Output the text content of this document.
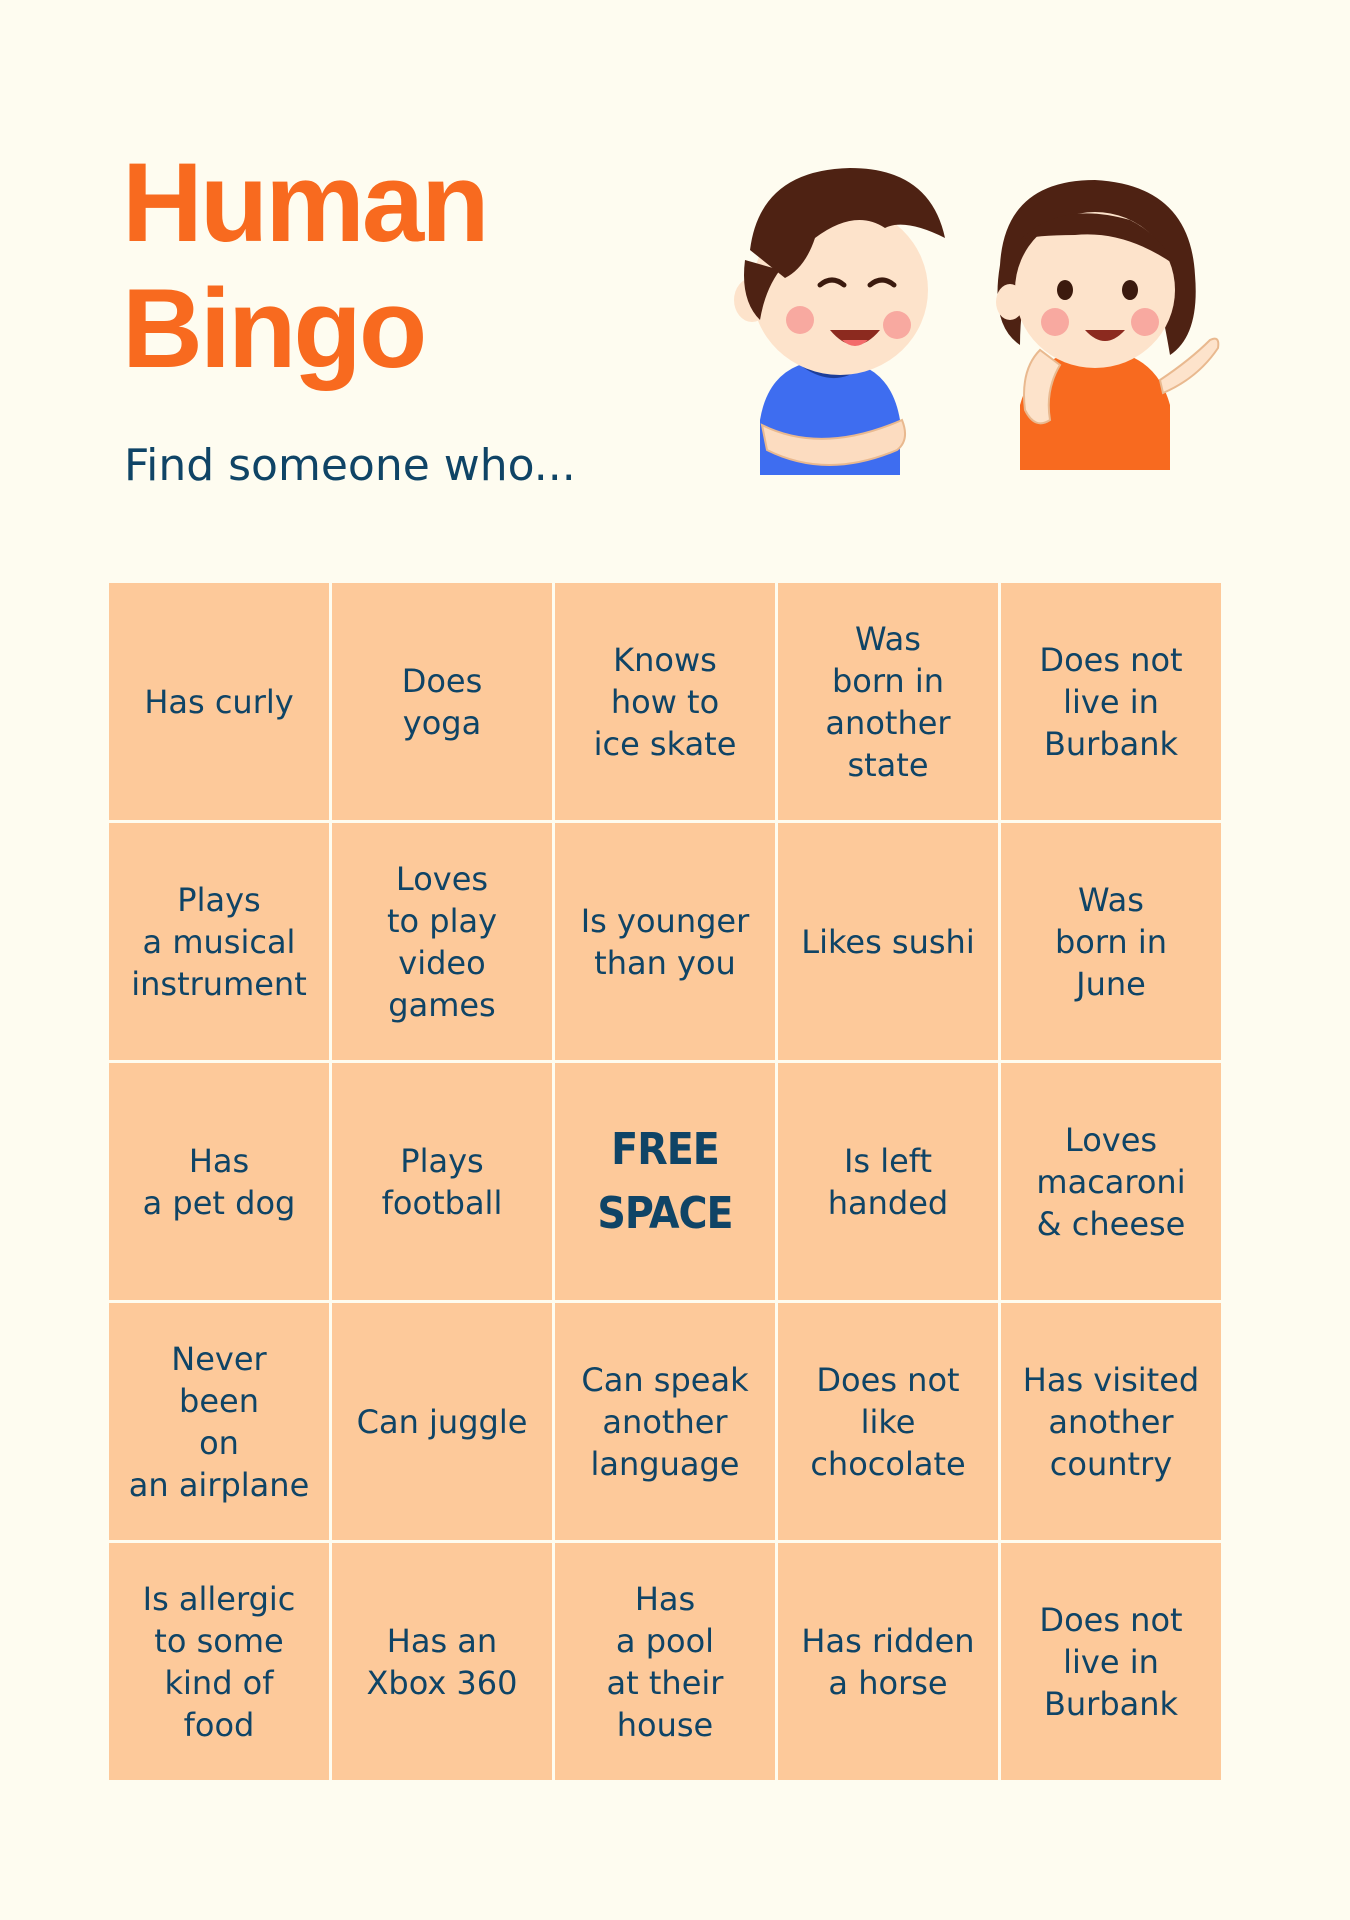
Human
Bingo
Find someone who...
Has curly
Does
yoga
Knows
how to
ice skate
Was
born in
another
state
Does not
live in
Burbank
Plays
a musical
instrument
Loves
to play
video
games
Is younger
than you
Likes sushi
Was
born in
June
Has
a pet dog
Plays
football
FREE
SPACE
Is left
handed
Loves
macaroni
& cheese
Never
been
on
an airplane
Can juggle
Can speak
another
language
Does not
like
chocolate
Has visited
another
country
Is allergic
to some
kind of
food
Has an
Xbox 360
Has
a pool
at their
house
Has ridden
a horse
Does not
live in
Burbank
